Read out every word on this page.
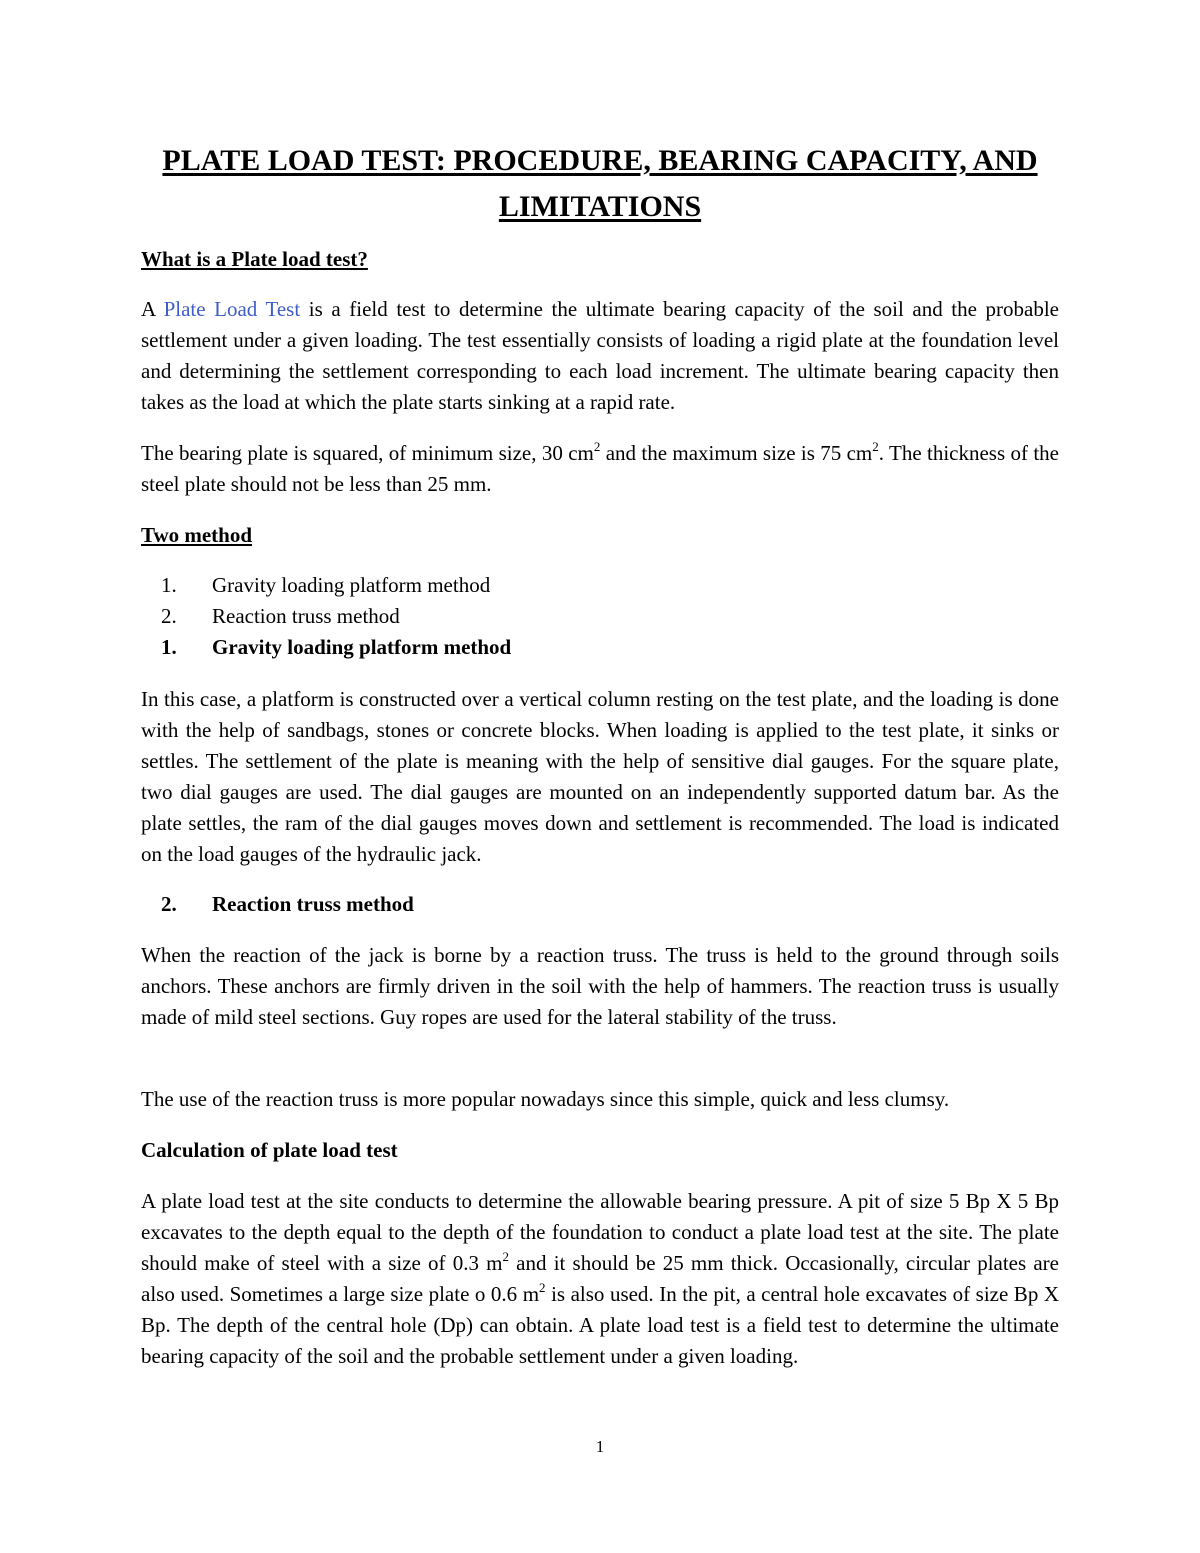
PLATE LOAD TEST: PROCEDURE, BEARING CAPACITY, AND LIMITATIONS
What is a Plate load test?
A Plate Load Test is a field test to determine the ultimate bearing capacity of the soil and the probable settlement under a given loading. The test essentially consists of loading a rigid plate at the foundation level and determining the settlement corresponding to each load increment. The ultimate bearing capacity then takes as the load at which the plate starts sinking at a rapid rate.
The bearing plate is squared, of minimum size, 30 $cm^2$ and the maximum size is 75 $cm^2$. The thickness of the steel plate should not be less than 25 mm.
Two method
1. Gravity loading platform method
2. Reaction truss method
1. Gravity loading platform method
In this case, a platform is constructed over a vertical column resting on the test plate, and the loading is done with the help of sandbags, stones or concrete blocks. When loading is applied to the test plate, it sinks or settles. The settlement of the plate is meaning with the help of sensitive dial gauges. For the square plate, two dial gauges are used. The dial gauges are mounted on an independently supported datum bar. As the plate settles, the ram of the dial gauges moves down and settlement is recommended. The load is indicated on the load gauges of the hydraulic jack.
2. Reaction truss method
When the reaction of the jack is borne by a reaction truss. The truss is held to the ground through soils anchors. These anchors are firmly driven in the soil with the help of hammers. The reaction truss is usually made of mild steel sections. Guy ropes are used for the lateral stability of the truss.
The use of the reaction truss is more popular nowadays since this simple, quick and less clumsy.
Calculation of plate load test
A plate load test at the site conducts to determine the allowable bearing pressure. A pit of size 5 Bp X 5 Bp excavates to the depth equal to the depth of the foundation to conduct a plate load test at the site. The plate should make of steel with a size of 0.3 $m^2$ and it should be 25 mm thick. Occasionally, circular plates are also used. Sometimes a large size plate o 0.6 $m^2$ is also used. In the pit, a central hole excavates of size Bp X Bp. The depth of the central hole (Dp) can obtain. A plate load test is a field test to determine the ultimate bearing capacity of the soil and the probable settlement under a given loading.
1
